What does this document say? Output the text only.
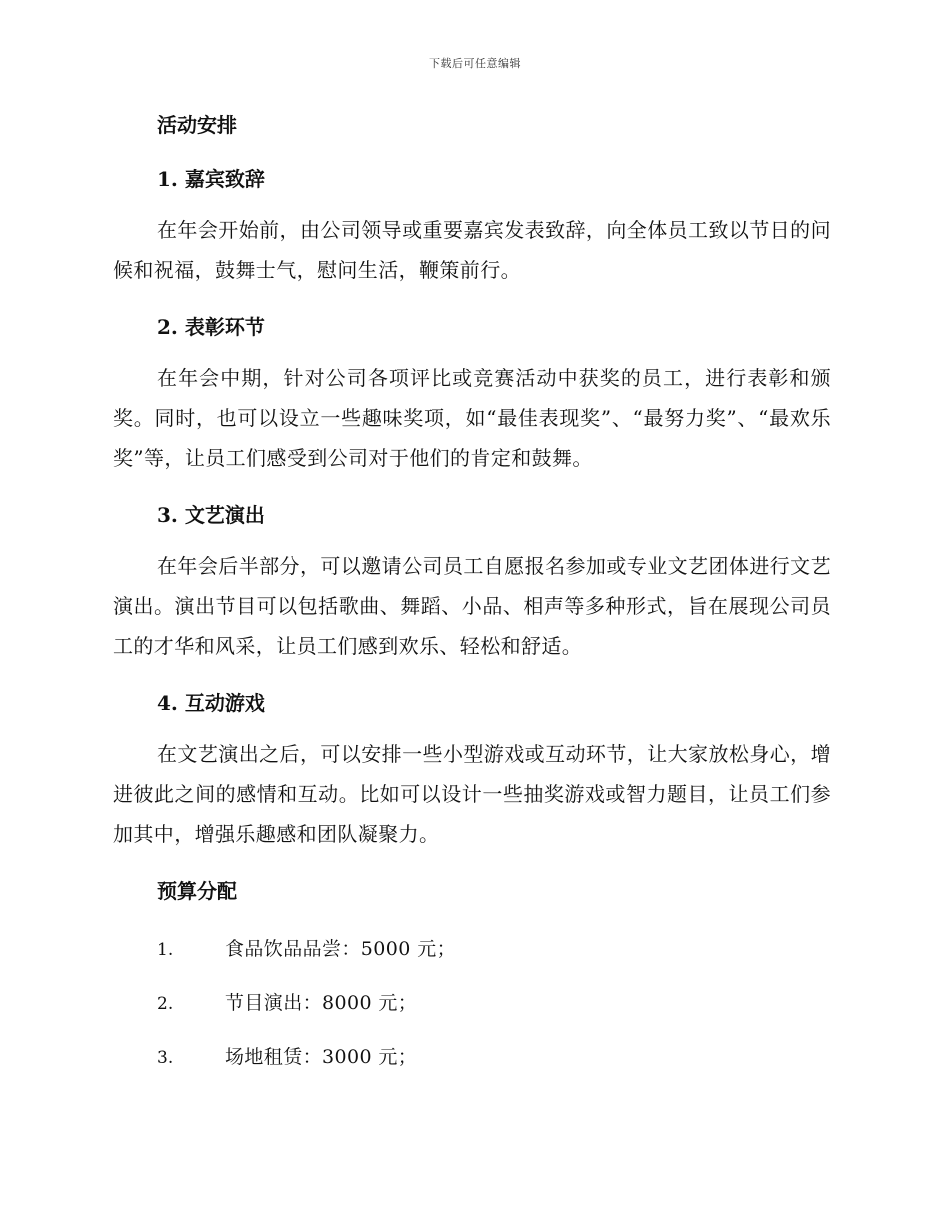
下载后可任意编辑
活动安排
1. 嘉宾致辞

在年会开始前，由公司领导或重要嘉宾发表致辞，向全体员工致以节日的问候和祝福，鼓舞士气，慰问生活，鞭策前行。

2. 表彰环节

在年会中期，针对公司各项评比或竞赛活动中获奖的员工，进行表彰和颁奖。同时，也可以设立一些趣味奖项，如“最佳表现奖”、“最努力奖”、“最欢乐奖”等，让员工们感受到公司对于他们的肯定和鼓舞。

3. 文艺演出

在年会后半部分，可以邀请公司员工自愿报名参加或专业文艺团体进行文艺演出。演出节目可以包括歌曲、舞蹈、小品、相声等多种形式，旨在展现公司员工的才华和风采，让员工们感到欢乐、轻松和舒适。

4. 互动游戏

在文艺演出之后，可以安排一些小型游戏或互动环节，让大家放松身心，增进彼此之间的感情和互动。比如可以设计一些抽奖游戏或智力题目，让员工们参加其中，增强乐趣感和团队凝聚力。

预算分配
1.	食品饮品品尝：5000 元；
2.	节目演出：8000 元；
3.	场地租赁：3000 元；
